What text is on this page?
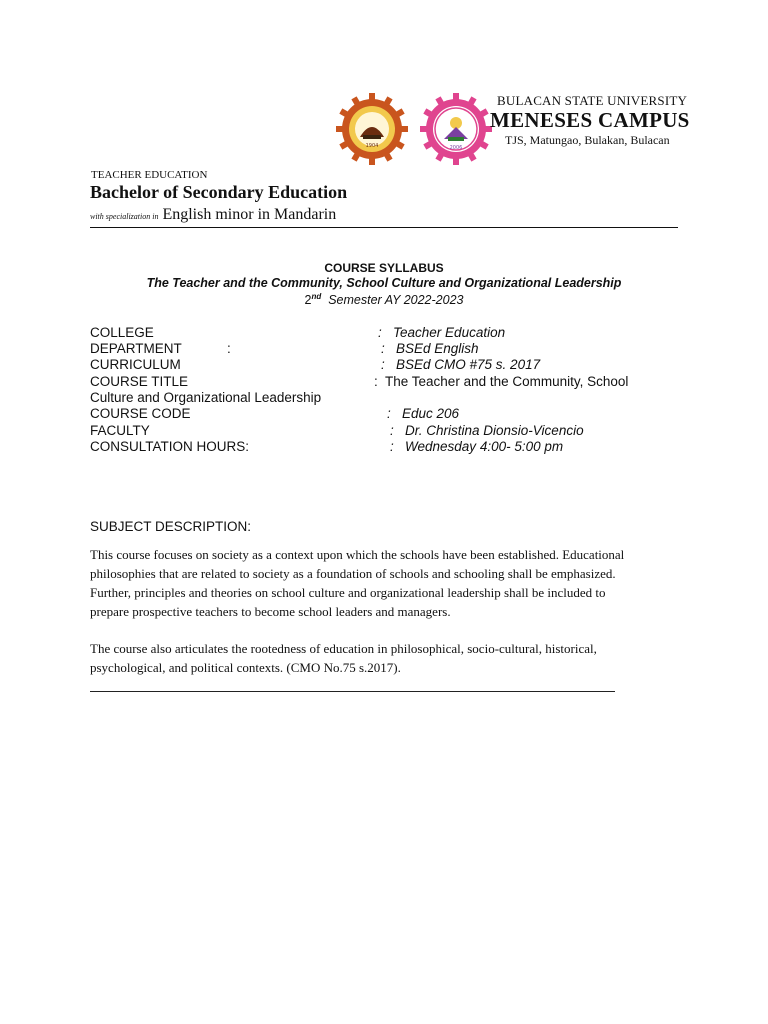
1904	2006
BULACAN STATE UNIVERSITY
MENESES CAMPUS
TJS, Matungao, Bulakan, Bulacan
TEACHER EDUCATION
Bachelor of Secondary Education
with specialization in English minor in Mandarin
COURSE SYLLABUS
The Teacher and the Community, School Culture and Organizational Leadership
2nd Semester AY 2022-2023
COLLEGE	:   Teacher Education
DEPARTMENT	:	:   BSEd English
CURRICULUM	:   BSEd CMO #75 s. 2017
COURSE TITLE	:  The Teacher and the Community, School
Culture and Organizational Leadership
COURSE CODE	:   Educ 206
FACULTY	:   Dr. Christina Dionsio-Vicencio
CONSULTATION HOURS:	:   Wednesday 4:00- 5:00 pm
SUBJECT DESCRIPTION:
This course focuses on society as a context upon which the schools have been established. Educational
philosophies that are related to society as a foundation of schools and schooling shall be emphasized.
Further, principles and theories on school culture and organizational leadership shall be included to
prepare prospective teachers to become school leaders and managers.
The course also articulates the rootedness of education in philosophical, socio-cultural, historical,
psychological, and political contexts. (CMO No.75 s.2017).
